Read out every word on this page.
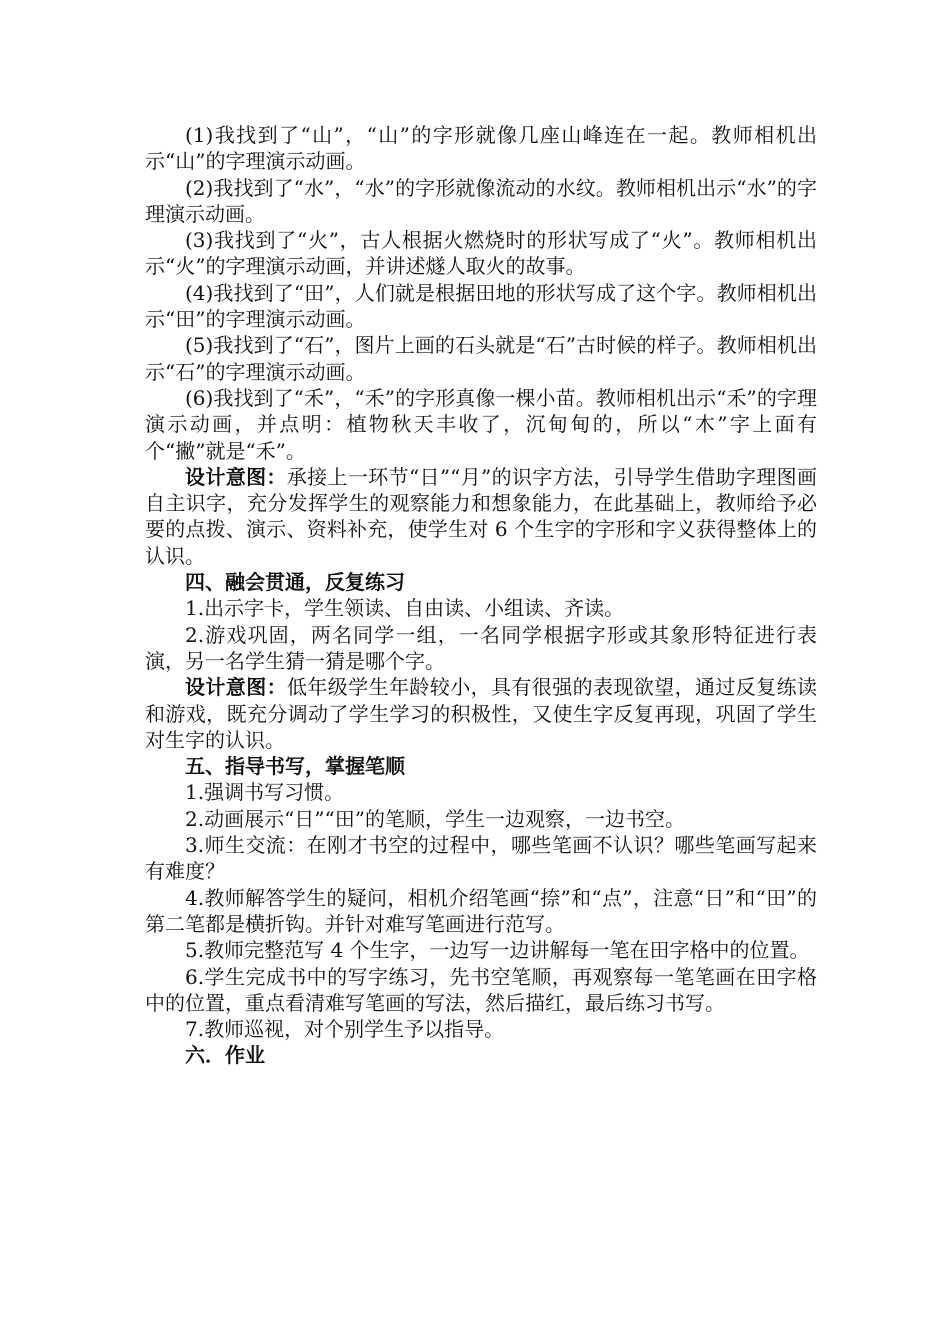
(1)我找到了“山”，“山”的字形就像几座山峰连在一起。教师相机出示“山”的字理演示动画。

(2)我找到了“水”，“水”的字形就像流动的水纹。教师相机出示“水”的字理演示动画。

(3)我找到了“火”，古人根据火燃烧时的形状写成了“火”。教师相机出示“火”的字理演示动画，并讲述燧人取火的故事。

(4)我找到了“田”，人们就是根据田地的形状写成了这个字。教师相机出示“田”的字理演示动画。

(5)我找到了“石”，图片上画的石头就是“石”古时候的样子。教师相机出示“石”的字理演示动画。

(6)我找到了“禾”，“禾”的字形真像一棵小苗。教师相机出示“禾”的字理演示动画，并点明：植物秋天丰收了，沉甸甸的，所以“木”字上面有个“撇”就是“禾”。

设计意图：承接上一环节“日”“月”的识字方法，引导学生借助字理图画自主识字，充分发挥学生的观察能力和想象能力，在此基础上，教师给予必要的点拨、演示、资料补充，使学生对 6 个生字的字形和字义获得整体上的认识。

四、融会贯通，反复练习

1.出示字卡，学生领读、自由读、小组读、齐读。

2.游戏巩固，两名同学一组，一名同学根据字形或其象形特征进行表演，另一名学生猜一猜是哪个字。

设计意图：低年级学生年龄较小，具有很强的表现欲望，通过反复练读和游戏，既充分调动了学生学习的积极性，又使生字反复再现，巩固了学生对生字的认识。

五、指导书写，掌握笔顺

1.强调书写习惯。

2.动画展示“日”“田”的笔顺，学生一边观察，一边书空。

3.师生交流：在刚才书空的过程中，哪些笔画不认识？哪些笔画写起来有难度？

4.教师解答学生的疑问，相机介绍笔画“捺”和“点”，注意“日”和“田”的第二笔都是横折钩。并针对难写笔画进行范写。

5.教师完整范写 4 个生字，一边写一边讲解每一笔在田字格中的位置。

6.学生完成书中的写字练习，先书空笔顺，再观察每一笔笔画在田字格中的位置，重点看清难写笔画的写法，然后描红，最后练习书写。

7.教师巡视，对个别学生予以指导。

六．作业
